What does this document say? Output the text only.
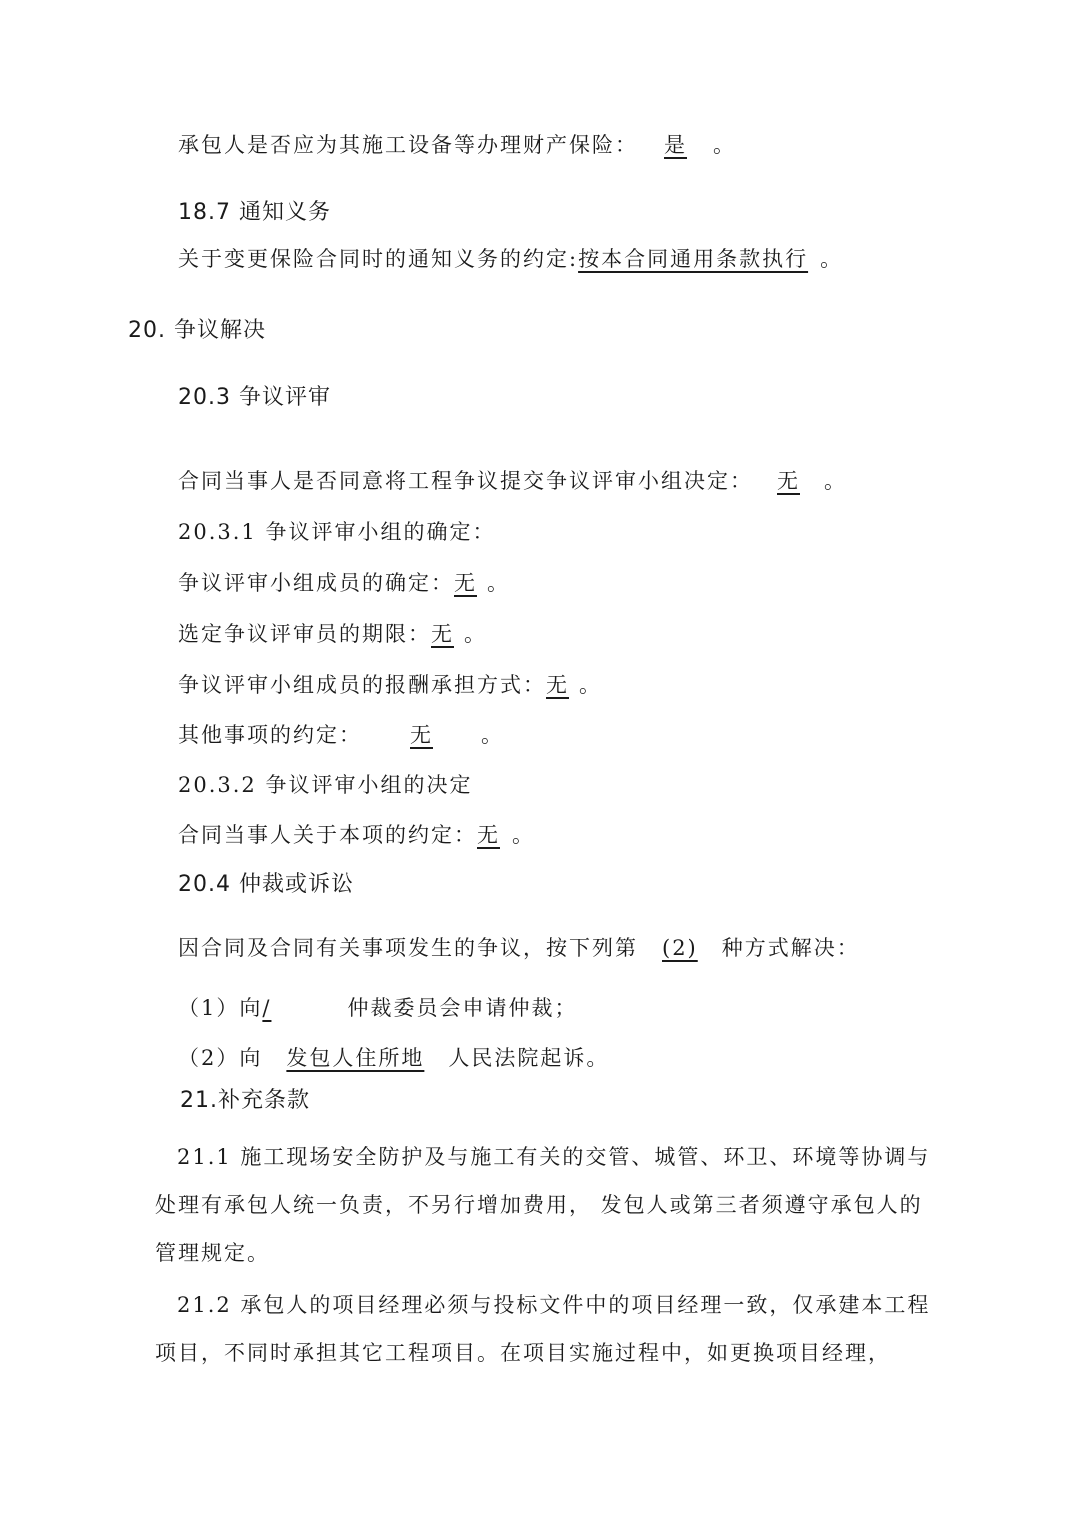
承包人是否应为其施工设备等办理财产保险： 是 。
18.7 通知义务
关于变更保险合同时的通知义务的约定:按本合同通用条款执行 。
20. 争议解决
20.3 争议评审
合同当事人是否同意将工程争议提交争议评审小组决定： 无 。
20.3.1 争议评审小组的确定：
争议评审小组成员的确定：无 。
选定争议评审员的期限：无 。
争议评审小组成员的报酬承担方式：无 。
其他事项的约定： 无 。
20.3.2 争议评审小组的决定
合同当事人关于本项的约定：无 。
20.4 仲裁或诉讼
因合同及合同有关事项发生的争议，按下列第 (2) 种方式解决：
（1）向/	仲裁委员会申请仲裁；
（2）向 发包人住所地 人民法院起诉。
21.补充条款
21.1 施工现场安全防护及与施工有关的交管、城管、环卫、环境等协调与处理有承包人统一负责，不另行增加费用， 发包人或第三者须遵守承包人的管理规定。
21.2 承包人的项目经理必须与投标文件中的项目经理一致，仅承建本工程项目，不同时承担其它工程项目。在项目实施过程中，如更换项目经理，
